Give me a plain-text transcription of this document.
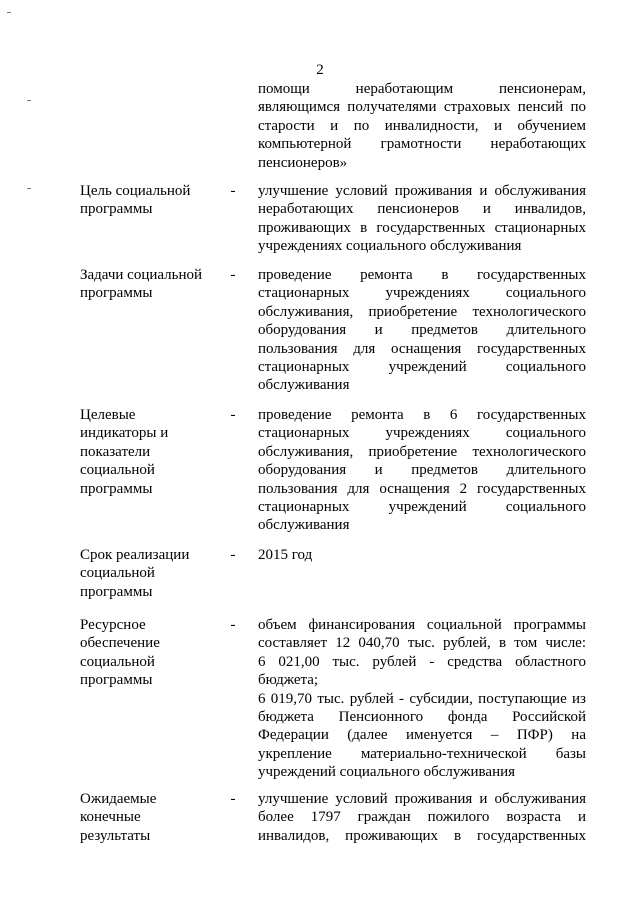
2
помощи неработающим пенсионерам,
являющимся получателями страховых пенсий по
старости и по инвалидности, и обучением
компьютерной грамотности неработающих
пенсионеров»
Цель социальной
программы
- улучшение условий проживания и обслуживания
неработающих пенсионеров и инвалидов,
проживающих в государственных стационарных
учреждениях социального обслуживания
Задачи социальной
программы
- проведение ремонта в государственных
стационарных учреждениях социального
обслуживания, приобретение технологического
оборудования и предметов длительного
пользования для оснащения государственных
стационарных учреждений социального
обслуживания
Целевые
индикаторы и
показатели
социальной
программы
- проведение ремонта в 6 государственных
стационарных учреждениях социального
обслуживания, приобретение технологического
оборудования и предметов длительного
пользования для оснащения 2 государственных
стационарных учреждений социального
обслуживания
Срок реализации
социальной
программы
- 2015 год
Ресурсное
обеспечение
социальной
программы
- объем финансирования социальной программы
составляет 12 040,70 тыс. рублей, в том числе:
6 021,00 тыс. рублей - средства областного
бюджета;
6 019,70 тыс. рублей - субсидии, поступающие из
бюджета Пенсионного фонда Российской
Федерации (далее именуется – ПФР) на
укрепление материально-технической базы
учреждений социального обслуживания
Ожидаемые
конечные
результаты
- улучшение условий проживания и обслуживания
более 1797 граждан пожилого возраста и
инвалидов, проживающих в государственных
